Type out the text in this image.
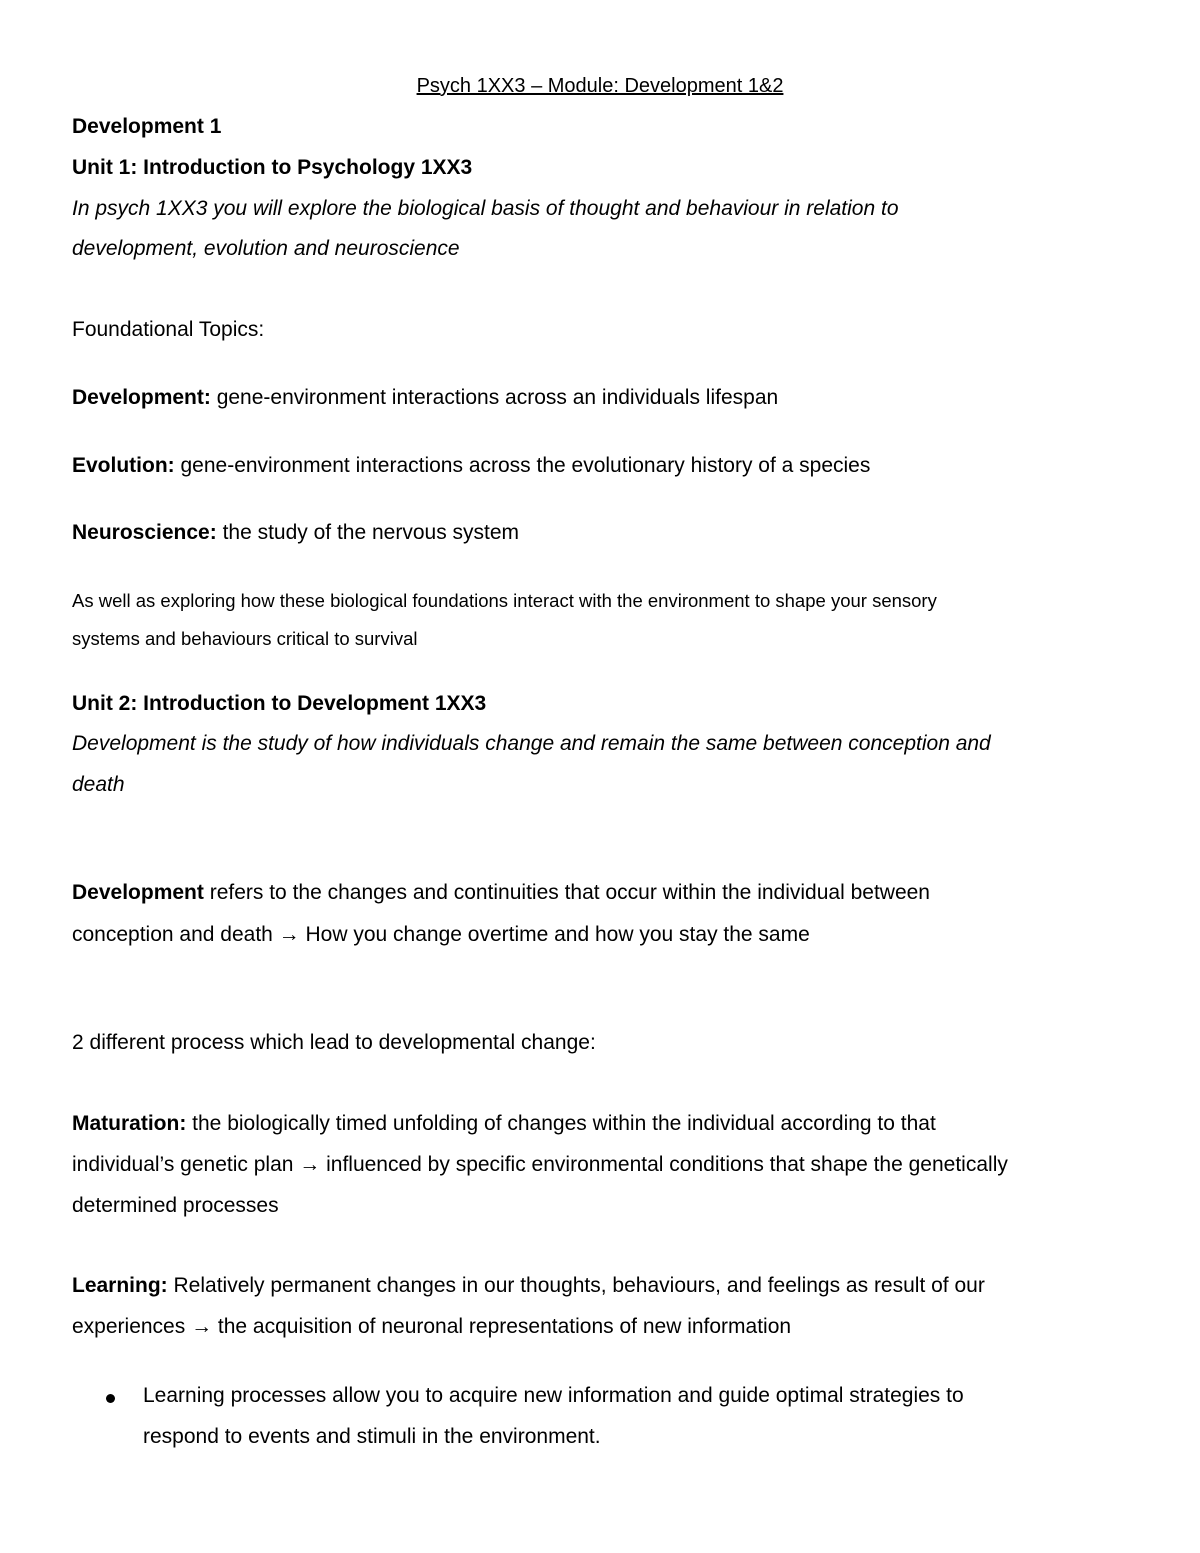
Psych 1XX3 – Module: Development 1&2
Development 1
Unit 1: Introduction to Psychology 1XX3
In psych 1XX3 you will explore the biological basis of thought and behaviour in relation to
development, evolution and neuroscience
Foundational Topics:
Development: gene-environment interactions across an individuals lifespan
Evolution: gene-environment interactions across the evolutionary history of a species
Neuroscience: the study of the nervous system
As well as exploring how these biological foundations interact with the environment to shape your sensory
systems and behaviours critical to survival
Unit 2: Introduction to Development 1XX3
Development is the study of how individuals change and remain the same between conception and
death
Development refers to the changes and continuities that occur within the individual between
conception and death → How you change overtime and how you stay the same
2 different process which lead to developmental change:
Maturation: the biologically timed unfolding of changes within the individual according to that
individual’s genetic plan → influenced by specific environmental conditions that shape the genetically
determined processes
Learning: Relatively permanent changes in our thoughts, behaviours, and feelings as result of our
experiences → the acquisition of neuronal representations of new information
Learning processes allow you to acquire new information and guide optimal strategies to
respond to events and stimuli in the environment.
